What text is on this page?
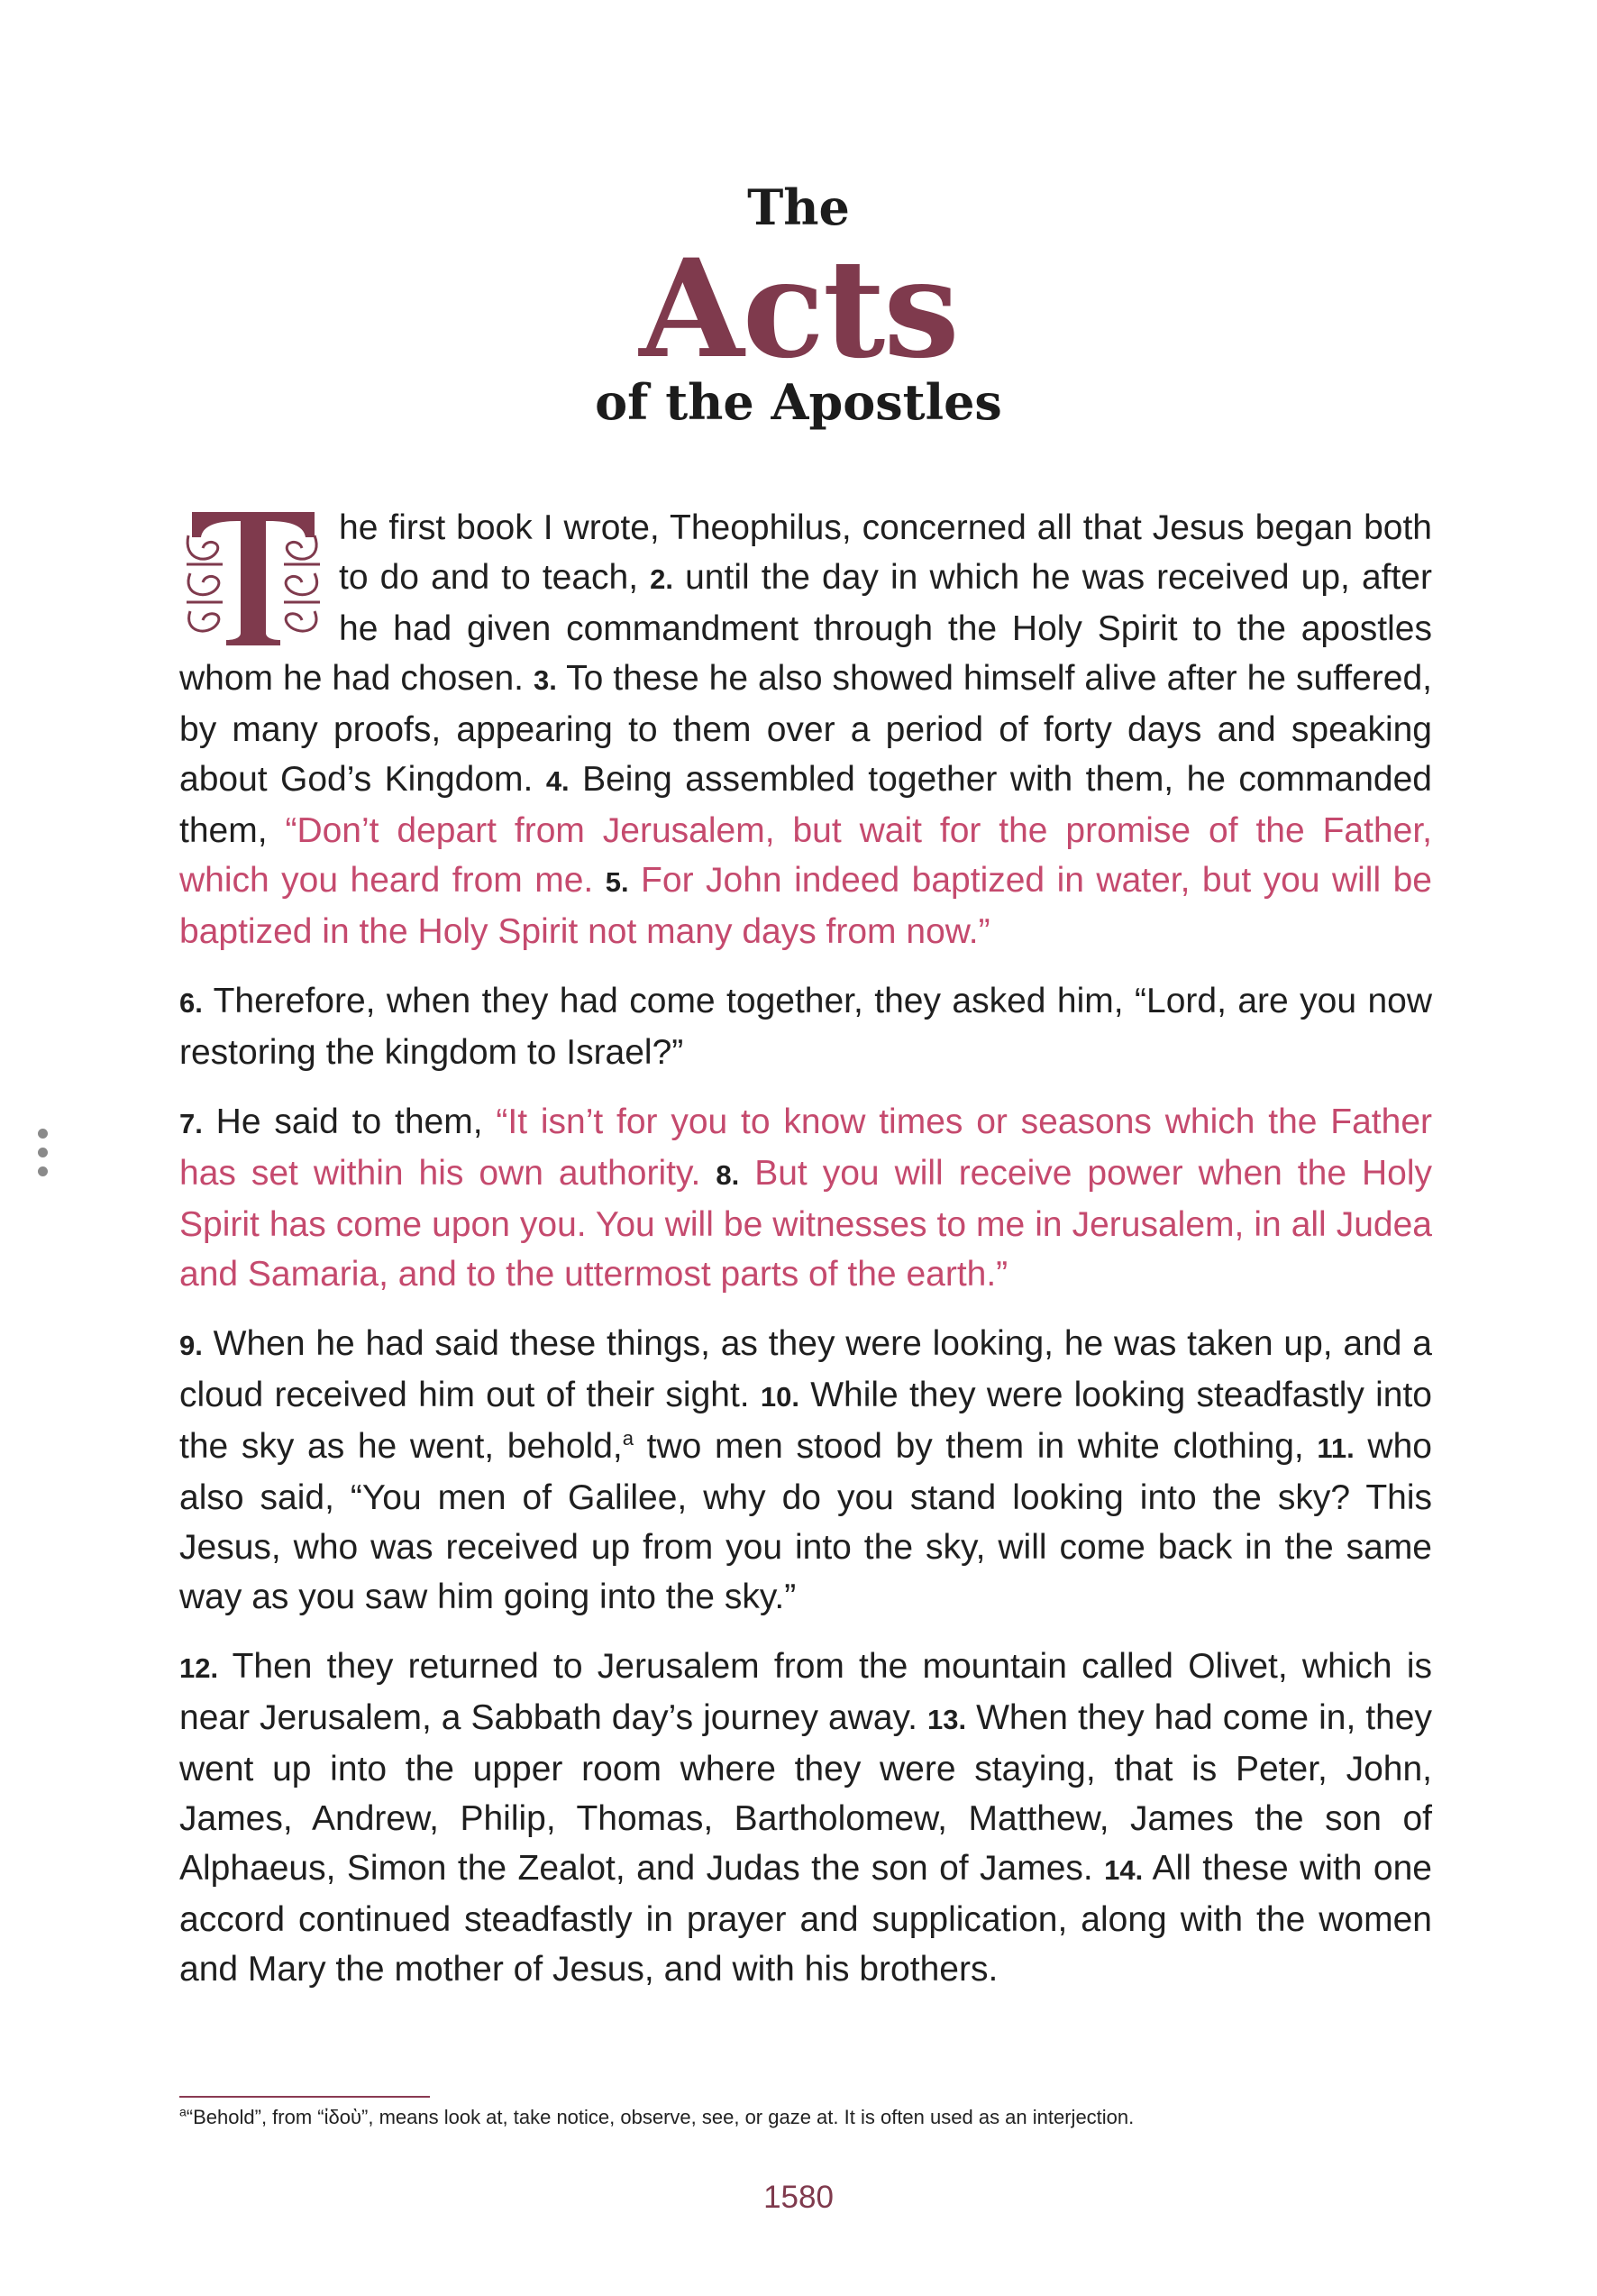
The
Acts
of the Apostles

he first book I wrote, Theophilus, concerned all that Jesus began both to do and to teach, 2. until the day in which he was received up, after he had given commandment through the Holy Spirit to the apostles whom he had chosen. 3. To these he also showed himself alive after he suffered, by many proofs, appearing to them over a period of forty days and speaking about God’s Kingdom. 4. Being assembled together with them, he commanded them, “Don’t depart from Jerusalem, but wait for the promise of the Father, which you heard from me. 5. For John indeed baptized in water, but you will be baptized in the Holy Spirit not many days from now.”

6. Therefore, when they had come together, they asked him, “Lord, are you now restoring the kingdom to Israel?”

7. He said to them, “It isn’t for you to know times or seasons which the Father has set within his own authority. 8. But you will receive power when the Holy Spirit has come upon you. You will be witnesses to me in Jerusalem, in all Judea and Samaria, and to the uttermost parts of the earth.”

9. When he had said these things, as they were looking, he was taken up, and a cloud received him out of their sight. 10. While they were looking steadfastly into the sky as he went, behold,$^a$ two men stood by them in white clothing, 11. who also said, “You men of Galilee, why do you stand looking into the sky? This Jesus, who was received up from you into the sky, will come back in the same way as you saw him going into the sky.”

12. Then they returned to Jerusalem from the mountain called Olivet, which is near Jerusalem, a Sabbath day’s journey away. 13. When they had come in, they went up into the upper room where they were staying, that is Peter, John, James, Andrew, Philip, Thomas, Bartholomew, Matthew, James the son of Alphaeus, Simon the Zealot, and Judas the son of James. 14. All these with one accord continued steadfastly in prayer and supplication, along with the women and Mary the mother of Jesus, and with his brothers.

$^a$“Behold”, from “ἰδοὺ”, means look at, take notice, observe, see, or gaze at. It is often used as an interjection.
1580
